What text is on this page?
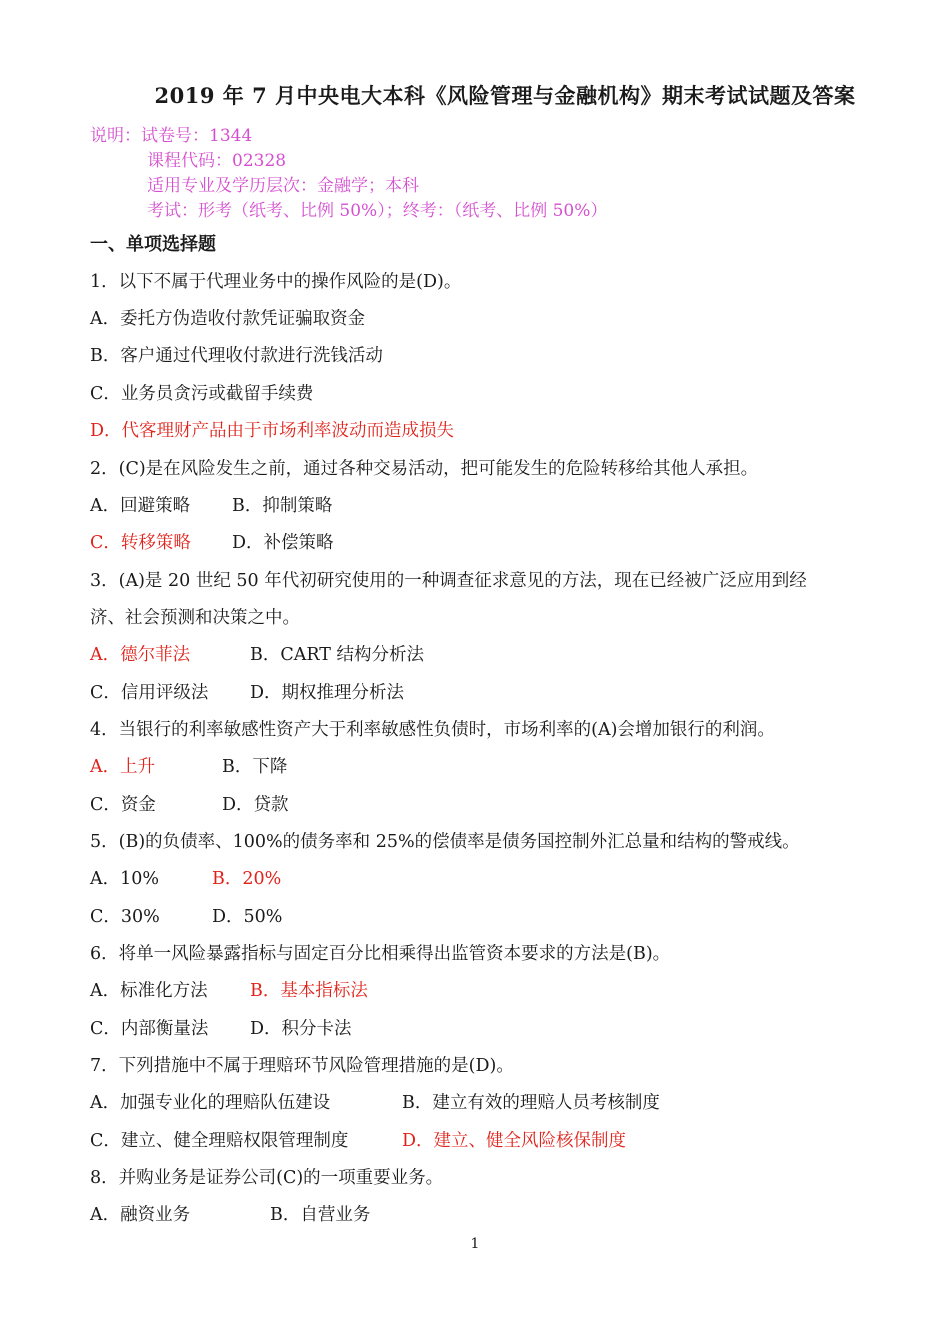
2019 年 7 月中央电大本科《风险管理与金融机构》期末考试试题及答案
说明：试卷号：1344
课程代码：02328
适用专业及学历层次：金融学；本科
考试：形考（纸考、比例 50%）；终考：（纸考、比例 50%）
一、单项选择题
1．以下不属于代理业务中的操作风险的是(D)。
A．委托方伪造收付款凭证骗取资金
B．客户通过代理收付款进行洗钱活动
C．业务员贪污或截留手续费
D．代客理财产品由于市场利率波动而造成损失
2．(C)是在风险发生之前，通过各种交易活动，把可能发生的危险转移给其他人承担。
A．回避策略 B．抑制策略
C．转移策略 D．补偿策略
3．(A)是 20 世纪 50 年代初研究使用的一种调查征求意见的方法，现在已经被广泛应用到经
济、社会预测和决策之中。
A．德尔菲法	B．CART 结构分析法
C．信用评级法 D．期权推理分析法
4．当银行的利率敏感性资产大于利率敏感性负债时，市场利率的(A)会增加银行的利润。
A．上升	B．下降
C．资金	D．贷款
5．(B)的负债率、100%的债务率和 25%的偿债率是债务国控制外汇总量和结构的警戒线。
A．10%	B．20%
C．30%	D．50%
6．将单一风险暴露指标与固定百分比相乘得出监管资本要求的方法是(B)。
A．标准化方法 B．基本指标法
C．内部衡量法 D．积分卡法
7．下列措施中不属于理赔环节风险管理措施的是(D)。
A．加强专业化的理赔队伍建设	B．建立有效的理赔人员考核制度
C．建立、健全理赔权限管理制度	D．建立、健全风险核保制度
8．并购业务是证券公司(C)的一项重要业务。
A．融资业务	B．自营业务
1
